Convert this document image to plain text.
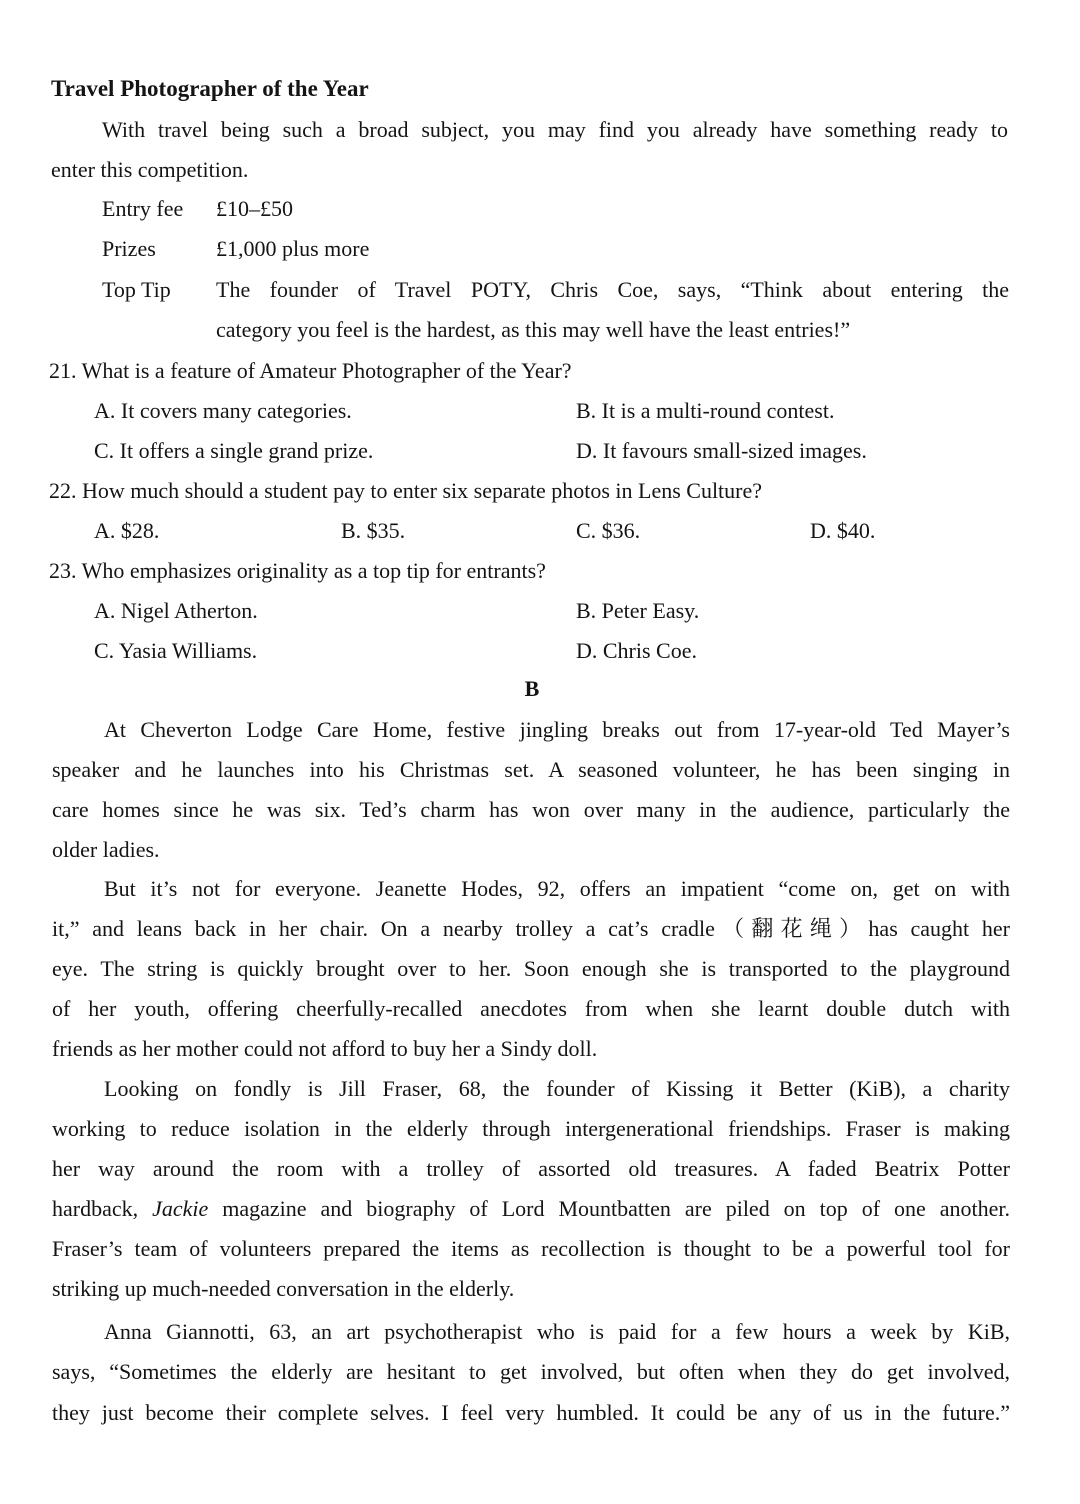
Travel Photographer of the Year
With travel being such a broad subject, you may find you already have something ready to
enter this competition.
Entry fee £10–£50
Prizes	£1,000 plus more
Top Tip The founder of Travel POTY, Chris Coe, says, “Think about entering the
category you feel is the hardest, as this may well have the least entries!”
21. What is a feature of Amateur Photographer of the Year?
A. It covers many categories.	B. It is a multi-round contest.
C. It offers a single grand prize.	D. It favours small-sized images.
22. How much should a student pay to enter six separate photos in Lens Culture?
A. $28.	B. $35.	C. $36.	D. $40.
23. Who emphasizes originality as a top tip for entrants?
A. Nigel Atherton.	B. Peter Easy.
C. Yasia Williams.	D. Chris Coe.
B
At Cheverton Lodge Care Home, festive jingling breaks out from 17-year-old Ted Mayer’s
speaker and he launches into his Christmas set. A seasoned volunteer, he has been singing in
care homes since he was six. Ted’s charm has won over many in the audience, particularly the
older ladies.
But it’s not for everyone. Jeanette Hodes, 92, offers an impatient “come on, get on with
it,” and leans back in her chair. On a nearby trolley a cat’s cradle（翻花绳）has caught her
eye. The string is quickly brought over to her. Soon enough she is transported to the playground
of her youth, offering cheerfully-recalled anecdotes from when she learnt double dutch with
friends as her mother could not afford to buy her a Sindy doll.
Looking on fondly is Jill Fraser, 68, the founder of Kissing it Better (KiB), a charity
working to reduce isolation in the elderly through intergenerational friendships. Fraser is making
her way around the room with a trolley of assorted old treasures. A faded Beatrix Potter
hardback, Jackie magazine and biography of Lord Mountbatten are piled on top of one another.
Fraser’s team of volunteers prepared the items as recollection is thought to be a powerful tool for
striking up much-needed conversation in the elderly.
Anna Giannotti, 63, an art psychotherapist who is paid for a few hours a week by KiB,
says, “Sometimes the elderly are hesitant to get involved, but often when they do get involved,
they just become their complete selves. I feel very humbled. It could be any of us in the future.”
